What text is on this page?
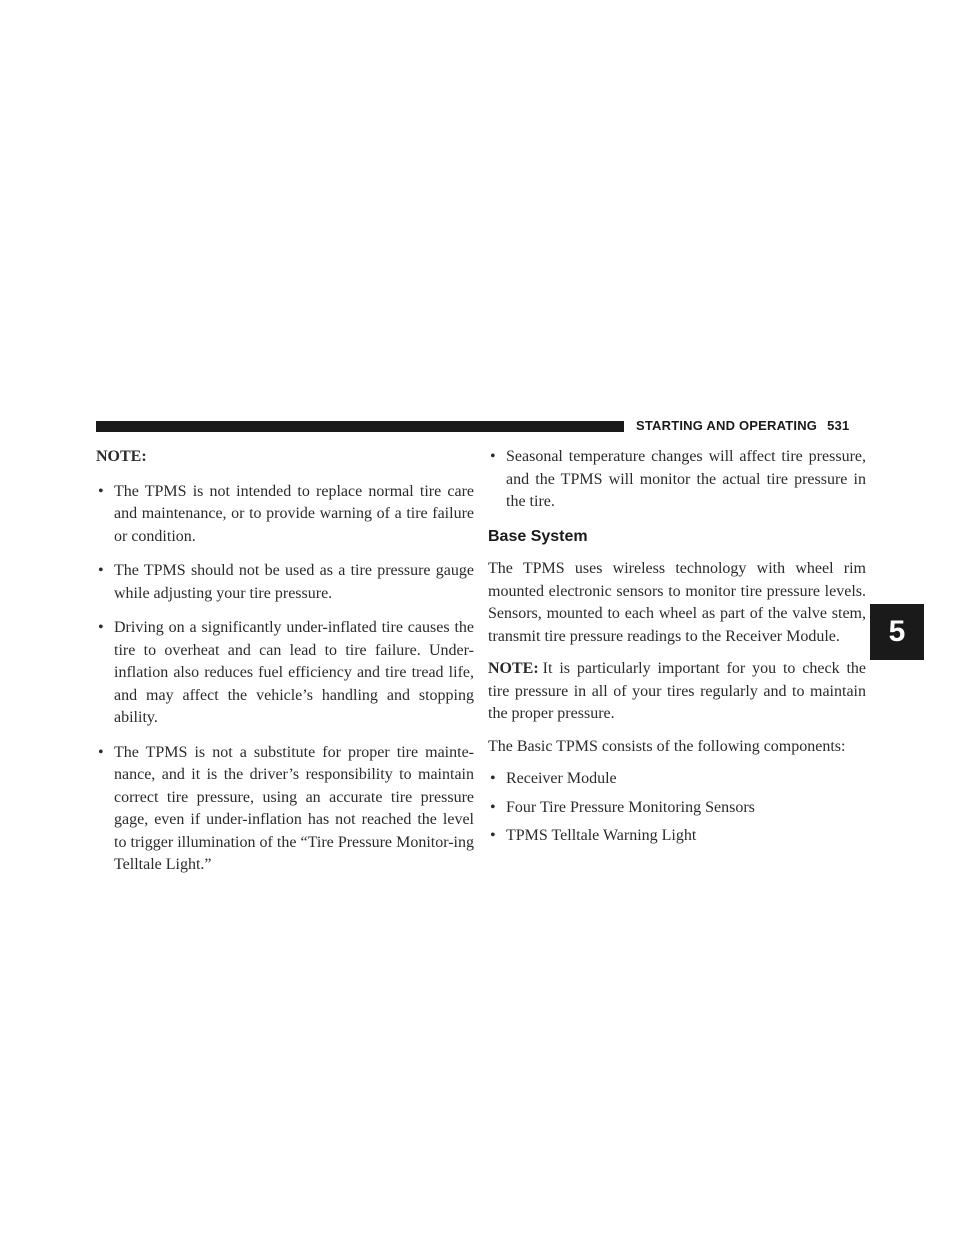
STARTING AND OPERATING 531
5
NOTE:
• The TPMS is not intended to replace normal tire care and maintenance, or to provide warning of a tire failure or condition.
• The TPMS should not be used as a tire pressure gauge while adjusting your tire pressure.
• Driving on a significantly under-inflated tire causes the tire to overheat and can lead to tire failure. Under-inflation also reduces fuel efficiency and tire tread life, and may affect the vehicle’s handling and stopping ability.
• The TPMS is not a substitute for proper tire mainte-nance, and it is the driver’s responsibility to maintain correct tire pressure, using an accurate tire pressure gage, even if under-inflation has not reached the level to trigger illumination of the “Tire Pressure Monitor-ing Telltale Light.”
• Seasonal temperature changes will affect tire pressure, and the TPMS will monitor the actual tire pressure in the tire.
Base System

The TPMS uses wireless technology with wheel rim mounted electronic sensors to monitor tire pressure levels. Sensors, mounted to each wheel as part of the valve stem, transmit tire pressure readings to the Receiver Module.

NOTE: It is particularly important for you to check the tire pressure in all of your tires regularly and to maintain the proper pressure.

The Basic TPMS consists of the following components:

• Receiver Module
• Four Tire Pressure Monitoring Sensors
• TPMS Telltale Warning Light
